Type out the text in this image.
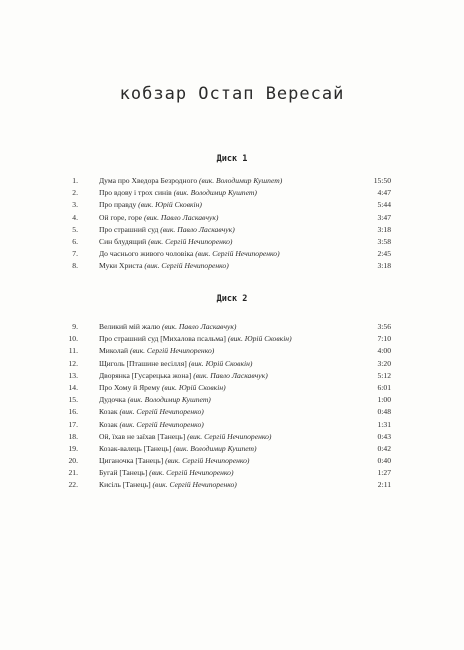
кобзар Остап Вересай
Диск 1
1.	Дума про Хведора Безродного (вик. Володимир Кушпет)	15:50
2.	Про вдову і трох синів (вик. Володимир Кушпет)	4:47
3.	Про правду (вик. Юрій Сковкін)	5:44
4.	Ой горе, горе (вик. Павло Ласкавчук)	3:47
5.	Про страшний суд (вик. Павло Ласкавчук)	3:18
6.	Син блудящий (вик. Сергій Нечипоренко)	3:58
7.	До часнього живого чоловіка (вик. Сергій Нечипоренко)	2:45
8.	Муки Христа (вик. Сергій Нечипоренко)	3:18
Диск 2
9.	Великий мій жалю (вик. Павло Ласкавчук)	3:56
10.	Про страшний суд [Михалова псальма] (вик. Юрій Сковкін)	7:10
11.	Миколай (вик. Сергій Нечипоренко)	4:00
12.	Щиголь [Пташине весілля] (вик. Юрій Сковкін)	3:20
13.	Дворянка [Гусарецька жона] (вик. Павло Ласкавчук)	5:12
14.	Про Хому й Ярему (вик. Юрій Сковкін)	6:01
15.	Дудочка (вик. Володимир Кушпет)	1:00
16.	Козак (вик. Сергій Нечипоренко)	0:48
17.	Козак (вик. Сергій Нечипоренко)	1:31
18.	Ой, їхав не заїхав [Танець] (вик. Сергій Нечипоренко)	0:43
19.	Козак-валець [Танець] (вик. Володимир Кушпет)	0:42
20.	Циганочка [Танець] (вик. Сергій Нечипоренко)	0:40
21.	Бугай [Танець] (вик. Сергій Нечипоренко)	1:27
22.	Кисіль [Танець] (вик. Сергій Нечипоренко)	2:11
